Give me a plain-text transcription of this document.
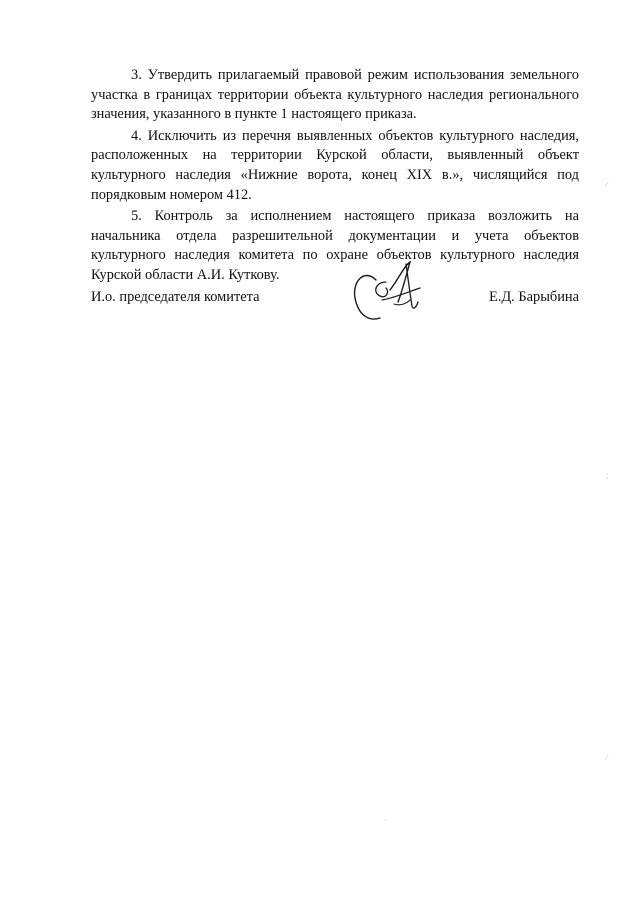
3. Утвердить прилагаемый правовой режим использования земельного участка в границах территории объекта культурного наследия регионального значения, указанного в пункте 1 настоящего приказа.

4. Исключить из перечня выявленных объектов культурного наследия, расположенных на территории Курской области, выявленный объект культурного наследия «Нижние ворота, конец XIX в.», числящийся под порядковым номером 412.

5. Контроль за исполнением настоящего приказа возложить на начальника отдела разрешительной документации и учета объектов культурного наследия комитета по охране объектов культурного наследия Курской области А.И. Куткову.

И.о. председателя комитета	Е.Д. Барыбина
⁄
⁚
⁄
·
